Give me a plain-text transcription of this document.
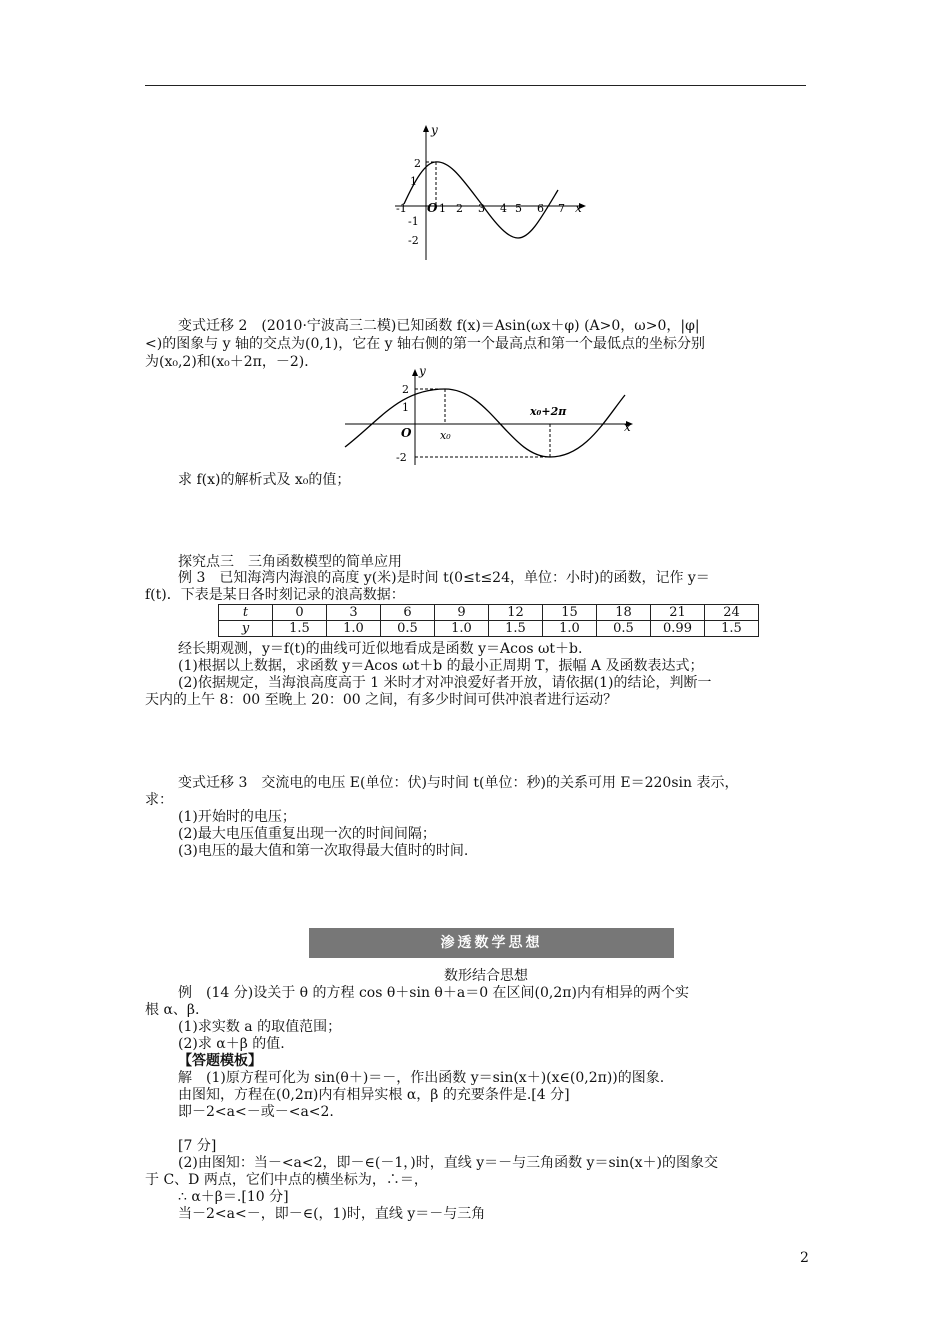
y
x
O
-1	1 2 3 4 5 6 7
2
1
-1
-2
变式迁移 2　(2010·宁波高三二模)已知函数 f(x)＝Asin(ωx＋φ) (A>0，ω>0，|φ|
<)的图象与 y 轴的交点为(0,1)，它在 y 轴右侧的第一个最高点和第一个最低点的坐标分别
为(x₀,2)和(x₀＋2π，－2)．
y
x
O
2
1
-2
x₀
x₀+2π
求 f(x)的解析式及 x₀的值；
探究点三　三角函数模型的简单应用
例 3　已知海湾内海浪的高度 y(米)是时间 t(0≤t≤24，单位：小时)的函数，记作 y＝
f(t)．下表是某日各时刻记录的浪高数据：
t	0	3	6	9	12	15	18	21	24
y	1.5	1.0	0.5	1.0	1.5	1.0	0.5	0.99	1.5
经长期观测，y＝f(t)的曲线可近似地看成是函数 y＝Acos ωt＋b.
(1)根据以上数据，求函数 y＝Acos ωt＋b 的最小正周期 T，振幅 A 及函数表达式；
(2)依据规定，当海浪高度高于 1 米时才对冲浪爱好者开放，请依据(1)的结论，判断一
天内的上午 8：00 至晚上 20：00 之间，有多少时间可供冲浪者进行运动？
变式迁移 3　交流电的电压 E(单位：伏)与时间 t(单位：秒)的关系可用 E＝220sin 表示，
求：
(1)开始时的电压；
(2)最大电压值重复出现一次的时间间隔；
(3)电压的最大值和第一次取得最大值时的时间.
渗透数学思想
数形结合思想
例　(14 分)设关于 θ 的方程 cos θ＋sin θ＋a＝0 在区间(0,2π)内有相异的两个实
根 α、β.
(1)求实数 a 的取值范围；
(2)求 α＋β 的值.
【答题模板】
解　(1)原方程可化为 sin(θ＋)＝－，作出函数 y＝sin(x＋)(x∈(0,2π))的图象.
由图知，方程在(0,2π)内有相异实根 α，β 的充要条件是.[4 分]
即－2<a<－或－<a<2.
[7 分]
(2)由图知：当－<a<2，即－∈(－1，)时，直线 y＝－与三角函数 y＝sin(x＋)的图象交
于 C、D 两点，它们中点的横坐标为，∴＝，
∴ α＋β＝.[10 分]
当－2<a<－，即－∈(，1)时，直线 y＝－与三角
2
